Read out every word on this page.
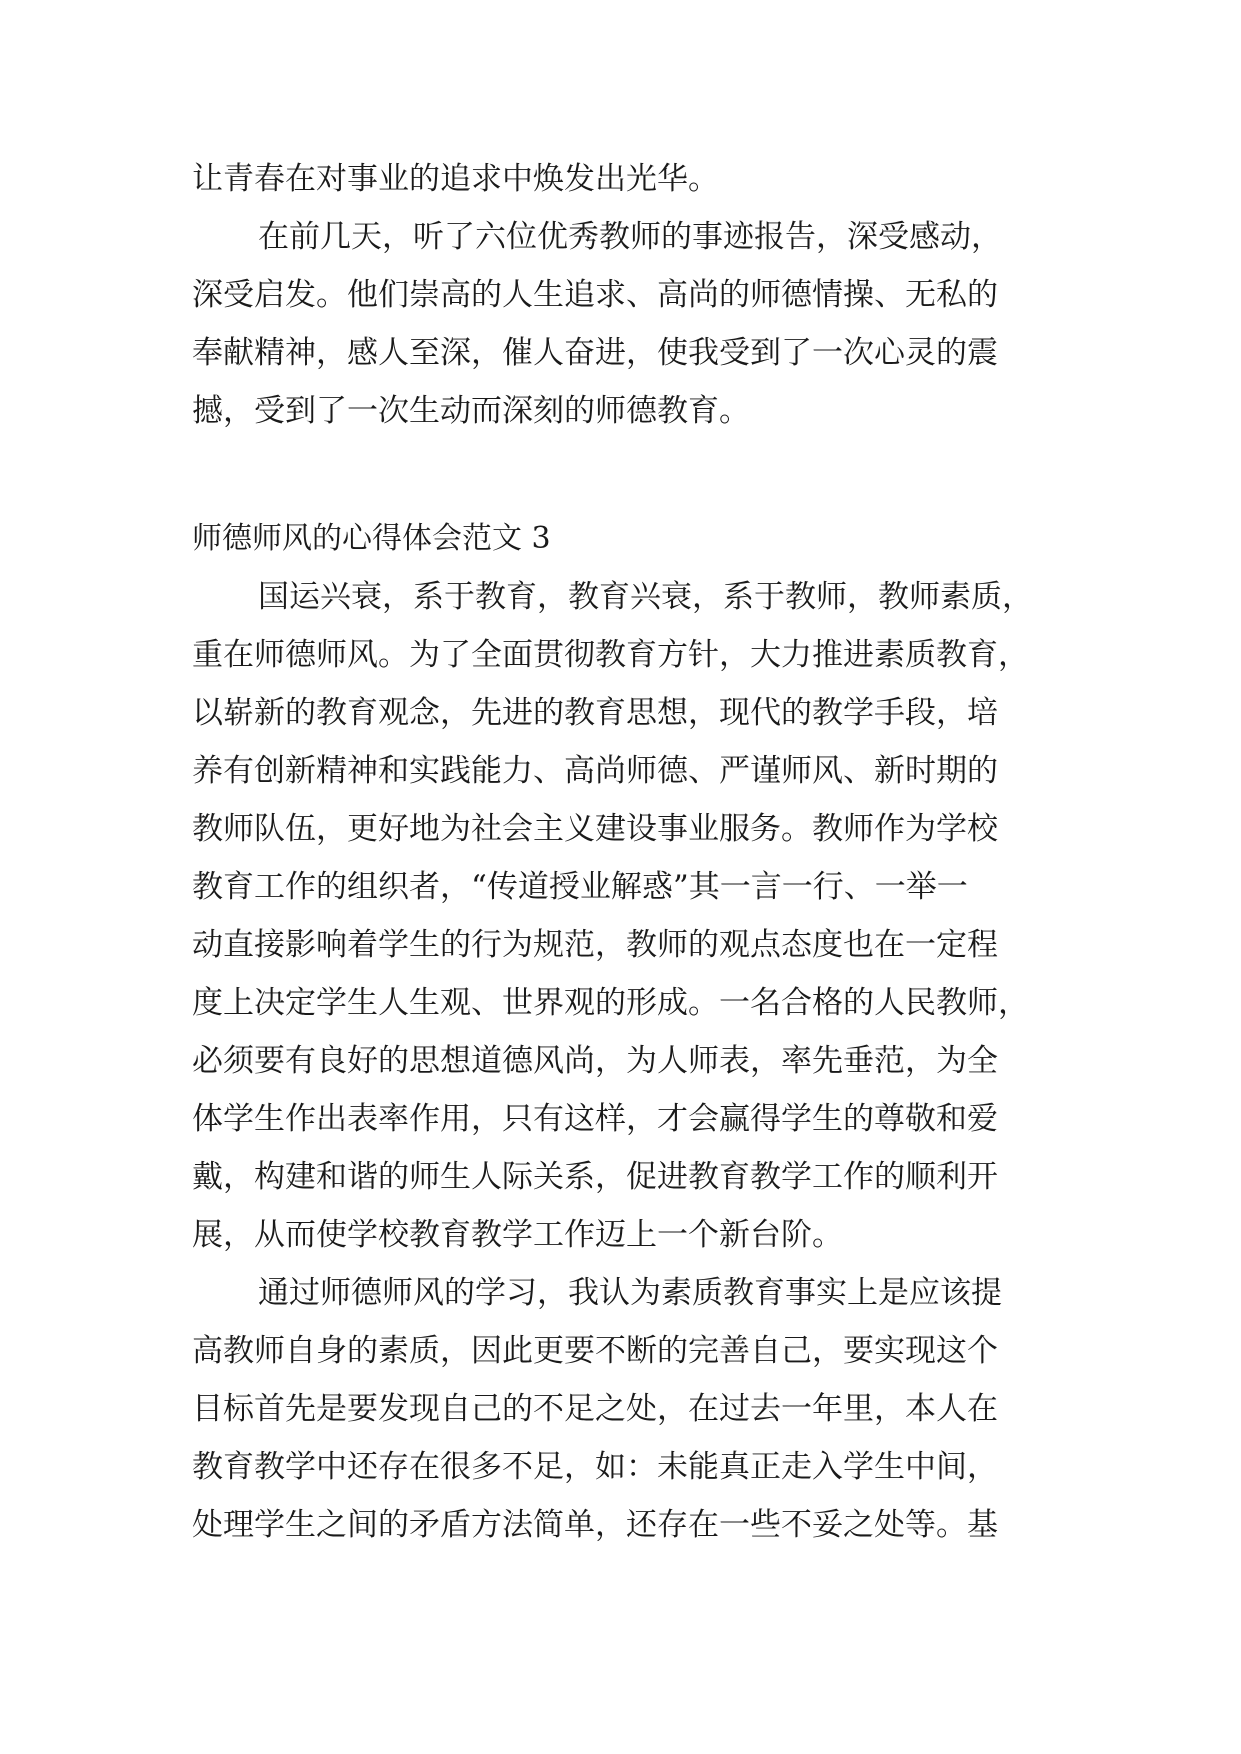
让青春在对事业的追求中焕发出光华。
在前几天，听了六位优秀教师的事迹报告，深受感动，
深受启发。他们崇高的人生追求、高尚的师德情操、无私的
奉献精神，感人至深，催人奋进，使我受到了一次心灵的震
撼，受到了一次生动而深刻的师德教育。
师德师风的心得体会范文 3
国运兴衰，系于教育，教育兴衰，系于教师，教师素质，
重在师德师风。为了全面贯彻教育方针，大力推进素质教育，
以崭新的教育观念，先进的教育思想，现代的教学手段，培
养有创新精神和实践能力、高尚师德、严谨师风、新时期的
教师队伍，更好地为社会主义建设事业服务。教师作为学校
教育工作的组织者，“传道授业解惑”其一言一行、一举一
动直接影响着学生的行为规范，教师的观点态度也在一定程
度上决定学生人生观、世界观的形成。一名合格的人民教师，
必须要有良好的思想道德风尚，为人师表，率先垂范，为全
体学生作出表率作用，只有这样，才会赢得学生的尊敬和爱
戴，构建和谐的师生人际关系，促进教育教学工作的顺利开
展，从而使学校教育教学工作迈上一个新台阶。
通过师德师风的学习，我认为素质教育事实上是应该提
高教师自身的素质，因此更要不断的完善自己，要实现这个
目标首先是要发现自己的不足之处，在过去一年里，本人在
教育教学中还存在很多不足，如：未能真正走入学生中间，
处理学生之间的矛盾方法简单，还存在一些不妥之处等。基
